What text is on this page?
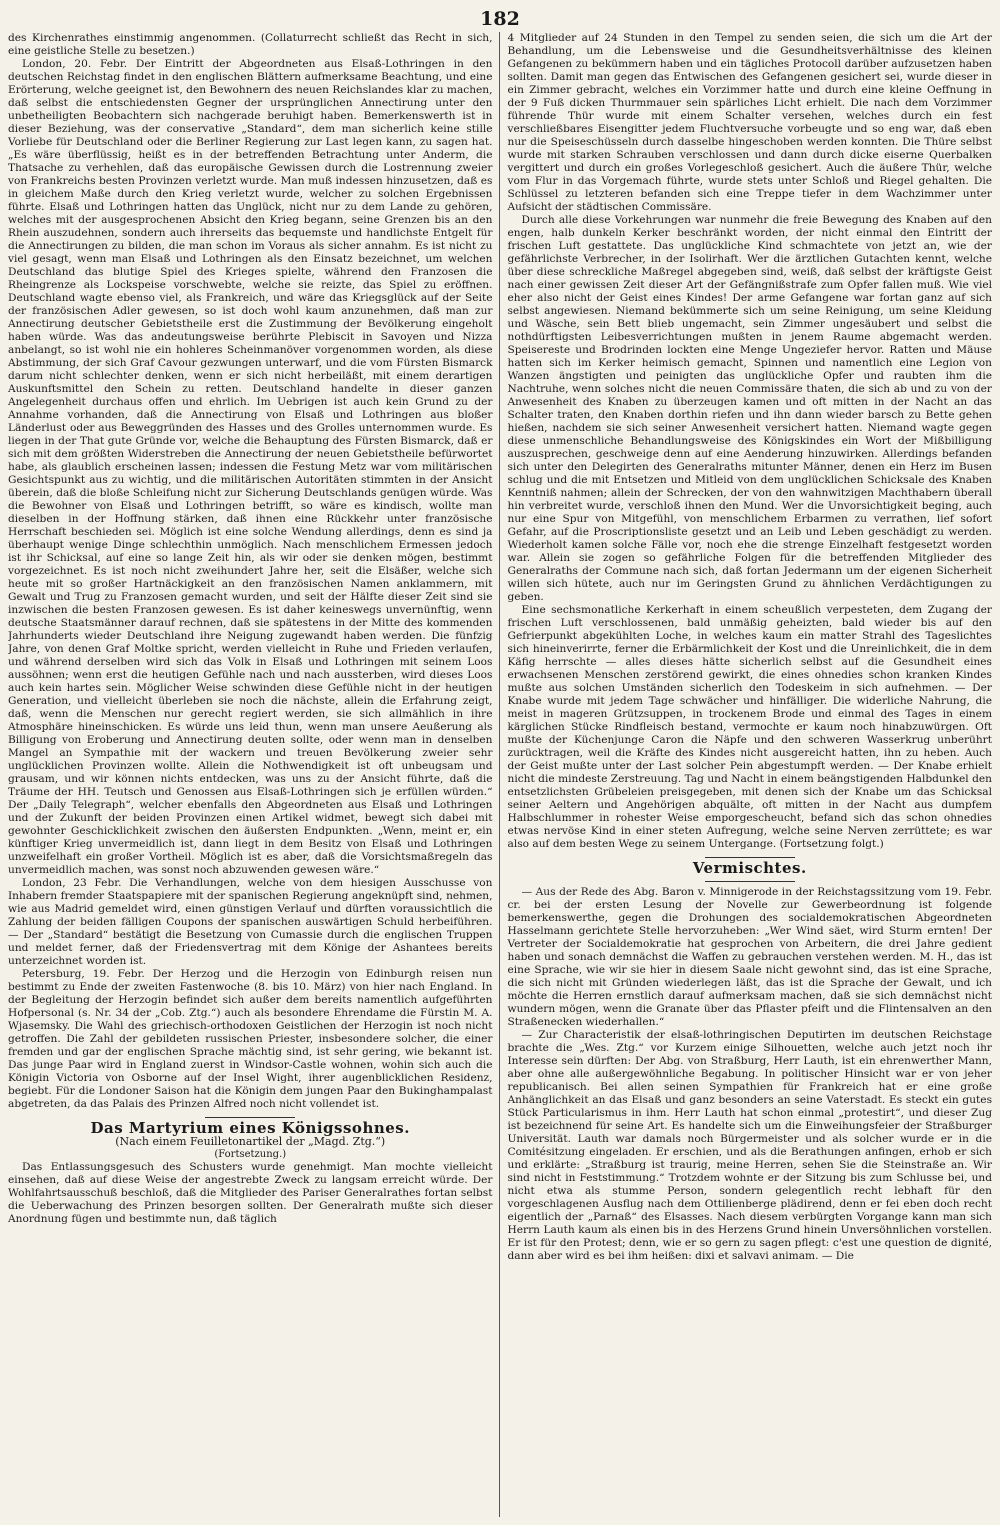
182

des Kirchenrathes einstimmig angenommen. (Collaturrecht schließt das Recht in sich, eine geistliche Stelle zu besetzen.)

London, 20. Febr. Der Eintritt der Abgeordneten aus Elsaß-Lothringen in den deutschen Reichstag findet in den englischen Blättern aufmerksame Beachtung, und eine Erörterung, welche geeignet ist, den Bewohnern des neuen Reichslandes klar zu machen, daß selbst die entschiedensten Gegner der ursprünglichen Annectirung unter den unbetheiligten Beobachtern sich nachgerade beruhigt haben. Bemerkenswerth ist in dieser Beziehung, was der conservative „Standard“, dem man sicherlich keine stille Vorliebe für Deutschland oder die Berliner Regierung zur Last legen kann, zu sagen hat. „Es wäre überflüssig, heißt es in der betreffenden Betrachtung unter Anderm, die Thatsache zu verhehlen, daß das europäische Gewissen durch die Lostrennung zweier von Frankreichs besten Provinzen verletzt wurde. Man muß indessen hinzusetzen, daß es in gleichem Maße durch den Krieg verletzt wurde, welcher zu solchen Ergebnissen führte. Elsaß und Lothringen hatten das Unglück, nicht nur zu dem Lande zu gehören, welches mit der ausgesprochenen Absicht den Krieg begann, seine Grenzen bis an den Rhein auszudehnen, sondern auch ihrerseits das bequemste und handlichste Entgelt für die Annectirungen zu bilden, die man schon im Voraus als sicher annahm. Es ist nicht zu viel gesagt, wenn man Elsaß und Lothringen als den Einsatz bezeichnet, um welchen Deutschland das blutige Spiel des Krieges spielte, während den Franzosen die Rheingrenze als Lockspeise vorschwebte, welche sie reizte, das Spiel zu eröffnen. Deutschland wagte ebenso viel, als Frankreich, und wäre das Kriegsglück auf der Seite der französischen Adler gewesen, so ist doch wohl kaum anzunehmen, daß man zur Annectirung deutscher Gebietstheile erst die Zustimmung der Bevölkerung eingeholt haben würde. Was das andeutungsweise berührte Plebiscit in Savoyen und Nizza anbelangt, so ist wohl nie ein hohleres Scheinmanöver vorgenommen worden, als diese Abstimmung, der sich Graf Cavour gezwungen unterwarf, und die vom Fürsten Bismarck darum nicht schlechter denken, wenn er sich nicht herbeiläßt, mit einem derartigen Auskunftsmittel den Schein zu retten. Deutschland handelte in dieser ganzen Angelegenheit durchaus offen und ehrlich. Im Uebrigen ist auch kein Grund zu der Annahme vorhanden, daß die Annectirung von Elsaß und Lothringen aus bloßer Länderlust oder aus Beweggründen des Hasses und des Grolles unternommen wurde. Es liegen in der That gute Gründe vor, welche die Behauptung des Fürsten Bismarck, daß er sich mit dem größten Widerstreben die Annectirung der neuen Gebietstheile befürwortet habe, als glaublich erscheinen lassen; indessen die Festung Metz war vom militärischen Gesichtspunkt aus zu wichtig, und die militärischen Autoritäten stimmten in der Ansicht überein, daß die bloße Schleifung nicht zur Sicherung Deutschlands genügen würde. Was die Bewohner von Elsaß und Lothringen betrifft, so wäre es kindisch, wollte man dieselben in der Hoffnung stärken, daß ihnen eine Rückkehr unter französische Herrschaft beschieden sei. Möglich ist eine solche Wendung allerdings, denn es sind ja überhaupt wenige Dinge schlechthin unmöglich. Nach menschlichem Ermessen jedoch ist ihr Schicksal, auf eine so lange Zeit hin, als wir oder sie denken mögen, bestimmt vorgezeichnet. Es ist noch nicht zweihundert Jahre her, seit die Elsäßer, welche sich heute mit so großer Hartnäckigkeit an den französischen Namen anklammern, mit Gewalt und Trug zu Franzosen gemacht wurden, und seit der Hälfte dieser Zeit sind sie inzwischen die besten Franzosen gewesen. Es ist daher keineswegs unvernünftig, wenn deutsche Staatsmänner darauf rechnen, daß sie spätestens in der Mitte des kommenden Jahrhunderts wieder Deutschland ihre Neigung zugewandt haben werden. Die fünfzig Jahre, von denen Graf Moltke spricht, werden vielleicht in Ruhe und Frieden verlaufen, und während derselben wird sich das Volk in Elsaß und Lothringen mit seinem Loos aussöhnen; wenn erst die heutigen Gefühle nach und nach aussterben, wird dieses Loos auch kein hartes sein. Möglicher Weise schwinden diese Gefühle nicht in der heutigen Generation, und vielleicht überleben sie noch die nächste, allein die Erfahrung zeigt, daß, wenn die Menschen nur gerecht regiert werden, sie sich allmählich in ihre Atmosphäre hineinschicken. Es würde uns leid thun, wenn man unsere Aeußerung als Billigung von Eroberung und Annectirung deuten sollte, oder wenn man in denselben Mangel an Sympathie mit der wackern und treuen Bevölkerung zweier sehr unglücklichen Provinzen wollte. Allein die Nothwendigkeit ist oft unbeugsam und grausam, und wir können nichts entdecken, was uns zu der Ansicht führte, daß die Träume der HH. Teutsch und Genossen aus Elsaß-Lothringen sich je erfüllen würden.“ Der „Daily Telegraph“, welcher ebenfalls den Abgeordneten aus Elsaß und Lothringen und der Zukunft der beiden Provinzen einen Artikel widmet, bewegt sich dabei mit gewohnter Geschicklichkeit zwischen den äußersten Endpunkten. „Wenn, meint er, ein künftiger Krieg unvermeidlich ist, dann liegt in dem Besitz von Elsaß und Lothringen unzweifelhaft ein großer Vortheil. Möglich ist es aber, daß die Vorsichtsmaßregeln das unvermeidlich machen, was sonst noch abzuwenden gewesen wäre.“

London, 23 Febr. Die Verhandlungen, welche von dem hiesigen Ausschusse von Inhabern fremder Staatspapiere mit der spanischen Regierung angeknüpft sind, nehmen, wie aus Madrid gemeldet wird, einen günstigen Verlauf und dürften voraussichtlich die Zahlung der beiden fälligen Coupons der spanischen auswärtigen Schuld herbeiführen. — Der „Standard“ bestätigt die Besetzung von Cumassie durch die englischen Truppen und meldet ferner, daß der Friedensvertrag mit dem Könige der Ashantees bereits unterzeichnet worden ist.

Petersburg, 19. Febr. Der Herzog und die Herzogin von Edinburgh reisen nun bestimmt zu Ende der zweiten Fastenwoche (8. bis 10. März) von hier nach England. In der Begleitung der Herzogin befindet sich außer dem bereits namentlich aufgeführten Hofpersonal (s. Nr. 34 der „Cob. Ztg.“) auch als besondere Ehrendame die Fürstin M. A. Wjasemsky. Die Wahl des griechisch-orthodoxen Geistlichen der Herzogin ist noch nicht getroffen. Die Zahl der gebildeten russischen Priester, insbesondere solcher, die einer fremden und gar der englischen Sprache mächtig sind, ist sehr gering, wie bekannt ist. Das junge Paar wird in England zuerst in Windsor-Castle wohnen, wohin sich auch die Königin Victoria von Osborne auf der Insel Wight, ihrer augenblicklichen Residenz, begiebt. Für die Londoner Saison hat die Königin dem jungen Paar den Bukinghampalast abgetreten, da das Palais des Prinzen Alfred noch nicht vollendet ist.

Das Martyrium eines Königssohnes.

(Nach einem Feuilletonartikel der „Magd. Ztg.“)

(Fortsetzung.)

Das Entlassungsgesuch des Schusters wurde genehmigt. Man mochte vielleicht einsehen, daß auf diese Weise der angestrebte Zweck zu langsam erreicht würde. Der Wohlfahrtsausschuß beschloß, daß die Mitglieder des Pariser Generalrathes fortan selbst die Ueberwachung des Prinzen besorgen sollten. Der Generalrath mußte sich dieser Anordnung fügen und bestimmte nun, daß täglich

4 Mitglieder auf 24 Stunden in den Tempel zu senden seien, die sich um die Art der Behandlung, um die Lebensweise und die Gesundheitsverhältnisse des kleinen Gefangenen zu bekümmern haben und ein tägliches Protocoll darüber aufzusetzen haben sollten. Damit man gegen das Entwischen des Gefangenen gesichert sei, wurde dieser in ein Zimmer gebracht, welches ein Vorzimmer hatte und durch eine kleine Oeffnung in der 9 Fuß dicken Thurmmauer sein spärliches Licht erhielt. Die nach dem Vorzimmer führende Thür wurde mit einem Schalter versehen, welches durch ein fest verschließbares Eisengitter jedem Fluchtversuche vorbeugte und so eng war, daß eben nur die Speiseschüsseln durch dasselbe hingeschoben werden konnten. Die Thüre selbst wurde mit starken Schrauben verschlossen und dann durch dicke eiserne Querbalken vergittert und durch ein großes Vorlegeschloß gesichert. Auch die äußere Thür, welche vom Flur in das Vorgemach führte, wurde stets unter Schloß und Riegel gehalten. Die Schlüssel zu letzteren befanden sich eine Treppe tiefer in dem Wachzimmer unter Aufsicht der städtischen Commissäre.

Durch alle diese Vorkehrungen war nunmehr die freie Bewegung des Knaben auf den engen, halb dunkeln Kerker beschränkt worden, der nicht einmal den Eintritt der frischen Luft gestattete. Das unglückliche Kind schmachtete von jetzt an, wie der gefährlichste Verbrecher, in der Isolirhaft. Wer die ärztlichen Gutachten kennt, welche über diese schreckliche Maßregel abgegeben sind, weiß, daß selbst der kräftigste Geist nach einer gewissen Zeit dieser Art der Gefängnißstrafe zum Opfer fallen muß. Wie viel eher also nicht der Geist eines Kindes! Der arme Gefangene war fortan ganz auf sich selbst angewiesen. Niemand bekümmerte sich um seine Reinigung, um seine Kleidung und Wäsche, sein Bett blieb ungemacht, sein Zimmer ungesäubert und selbst die nothdürftigsten Leibesverrichtungen mußten in jenem Raume abgemacht werden. Speisereste und Brodrinden lockten eine Menge Ungeziefer hervor. Ratten und Mäuse hatten sich im Kerker heimisch gemacht, Spinnen und namentlich eine Legion von Wanzen ängstigten und peinigten das unglückliche Opfer und raubten ihm die Nachtruhe, wenn solches nicht die neuen Commissäre thaten, die sich ab und zu von der Anwesenheit des Knaben zu überzeugen kamen und oft mitten in der Nacht an das Schalter traten, den Knaben dorthin riefen und ihn dann wieder barsch zu Bette gehen hießen, nachdem sie sich seiner Anwesenheit versichert hatten. Niemand wagte gegen diese unmenschliche Behandlungsweise des Königskindes ein Wort der Mißbilligung auszusprechen, geschweige denn auf eine Aenderung hinzuwirken. Allerdings befanden sich unter den Delegirten des Generalraths mitunter Männer, denen ein Herz im Busen schlug und die mit Entsetzen und Mitleid von dem unglücklichen Schicksale des Knaben Kenntniß nahmen; allein der Schrecken, der von den wahnwitzigen Machthabern überall hin verbreitet wurde, verschloß ihnen den Mund. Wer die Unvorsichtigkeit beging, auch nur eine Spur von Mitgefühl, von menschlichem Erbarmen zu verrathen, lief sofort Gefahr, auf die Proscriptionsliste gesetzt und an Leib und Leben geschädigt zu werden. Wiederholt kamen solche Fälle vor, noch ehe die strenge Einzelhaft festgesetzt worden war. Allein sie zogen so gefährliche Folgen für die betreffenden Mitglieder des Generalraths der Commune nach sich, daß fortan Jedermann um der eigenen Sicherheit willen sich hütete, auch nur im Geringsten Grund zu ähnlichen Verdächtigungen zu geben.

Eine sechsmonatliche Kerkerhaft in einem scheußlich verpesteten, dem Zugang der frischen Luft verschlossenen, bald unmäßig geheizten, bald wieder bis auf den Gefrierpunkt abgekühlten Loche, in welches kaum ein matter Strahl des Tageslichtes sich hineinverirrte, ferner die Erbärmlichkeit der Kost und die Unreinlichkeit, die in dem Käfig herrschte — alles dieses hätte sicherlich selbst auf die Gesundheit eines erwachsenen Menschen zerstörend gewirkt, die eines ohnedies schon kranken Kindes mußte aus solchen Umständen sicherlich den Todeskeim in sich aufnehmen. — Der Knabe wurde mit jedem Tage schwächer und hinfälliger. Die widerliche Nahrung, die meist in mageren Grützsuppen, in trockenem Brode und einmal des Tages in einem kärglichen Stücke Rindfleisch bestand, vermochte er kaum noch hinabzuwürgen. Oft mußte der Küchenjunge Caron die Näpfe und den schweren Wasserkrug unberührt zurücktragen, weil die Kräfte des Kindes nicht ausgereicht hatten, ihn zu heben. Auch der Geist mußte unter der Last solcher Pein abgestumpft werden. — Der Knabe erhielt nicht die mindeste Zerstreuung. Tag und Nacht in einem beängstigenden Halbdunkel den entsetzlichsten Grübeleien preisgegeben, mit denen sich der Knabe um das Schicksal seiner Aeltern und Angehörigen abquälte, oft mitten in der Nacht aus dumpfem Halbschlummer in rohester Weise emporgescheucht, befand sich das schon ohnedies etwas nervöse Kind in einer steten Aufregung, welche seine Nerven zerrüttete; es war also auf dem besten Wege zu seinem Untergange. (Fortsetzung folgt.)

Vermischtes.

— Aus der Rede des Abg. Baron v. Minnigerode in der Reichstagssitzung vom 19. Febr. cr. bei der ersten Lesung der Novelle zur Gewerbeordnung ist folgende bemerkenswerthe, gegen die Drohungen des socialdemokratischen Abgeordneten Hasselmann gerichtete Stelle hervorzuheben: „Wer Wind säet, wird Sturm ernten! Der Vertreter der Socialdemokratie hat gesprochen von Arbeitern, die drei Jahre gedient haben und sonach demnächst die Waffen zu gebrauchen verstehen werden. M. H., das ist eine Sprache, wie wir sie hier in diesem Saale nicht gewohnt sind, das ist eine Sprache, die sich nicht mit Gründen wiederlegen läßt, das ist die Sprache der Gewalt, und ich möchte die Herren ernstlich darauf aufmerksam machen, daß sie sich demnächst nicht wundern mögen, wenn die Granate über das Pflaster pfeift und die Flintensalven an den Straßenecken wiederhallen.“

— Zur Characteristik der elsaß-lothringischen Deputirten im deutschen Reichstage brachte die „Wes. Ztg.“ vor Kurzem einige Silhouetten, welche auch jetzt noch ihr Interesse sein dürften: Der Abg. von Straßburg, Herr Lauth, ist ein ehrenwerther Mann, aber ohne alle außergewöhnliche Begabung. In politischer Hinsicht war er von jeher republicanisch. Bei allen seinen Sympathien für Frankreich hat er eine große Anhänglichkeit an das Elsaß und ganz besonders an seine Vaterstadt. Es steckt ein gutes Stück Particularismus in ihm. Herr Lauth hat schon einmal „protestirt“, und dieser Zug ist bezeichnend für seine Art. Es handelte sich um die Einweihungsfeier der Straßburger Universität. Lauth war damals noch Bürgermeister und als solcher wurde er in die Comitésitzung eingeladen. Er erschien, und als die Berathungen anfingen, erhob er sich und erklärte: „Straßburg ist traurig, meine Herren, sehen Sie die Steinstraße an. Wir sind nicht in Feststimmung.“ Trotzdem wohnte er der Sitzung bis zum Schlusse bei, und nicht etwa als stumme Person, sondern gelegentlich recht lebhaft für den vorgeschlagenen Ausflug nach dem Ottilienberge plädirend, denn er fei eben doch recht eigentlich der „Parnaß“ des Elsasses. Nach diesem verbürgten Vorgange kann man sich Herrn Lauth kaum als einen bis in des Herzens Grund hinein Unversöhnlichen vorstellen. Er ist für den Protest; denn, wie er so gern zu sagen pflegt: c'est une question de dignité, dann aber wird es bei ihm heißen: dixi et salvavi animam. — Die
